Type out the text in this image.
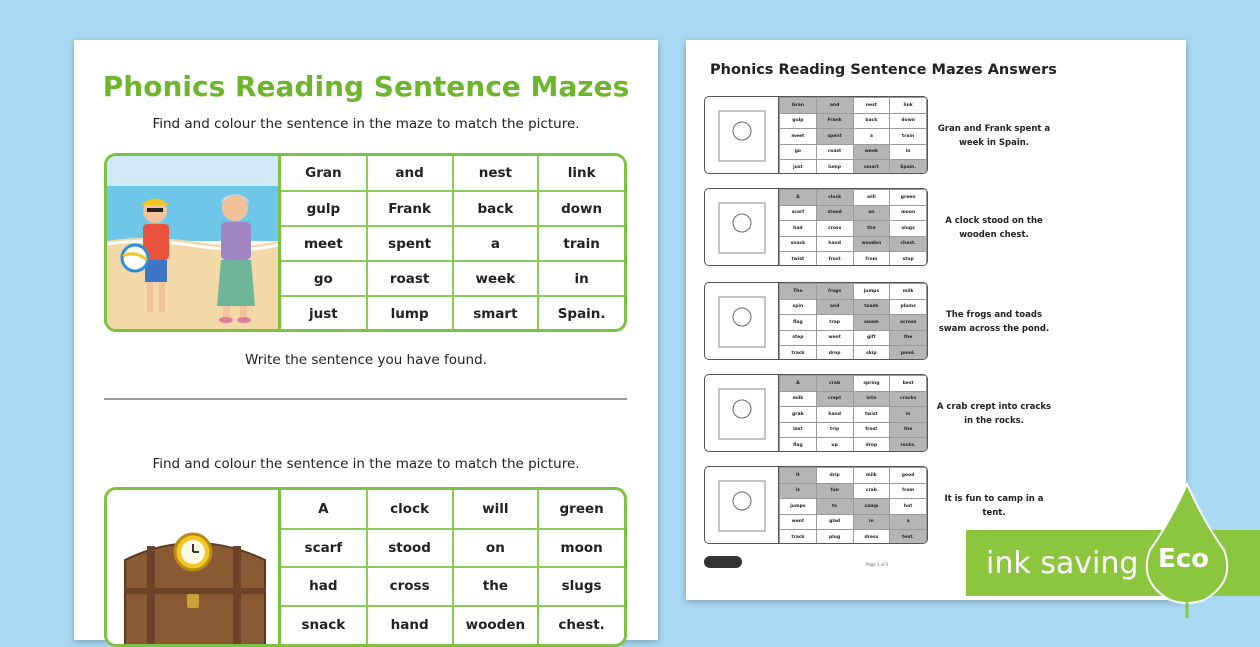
Phonics Reading Sentence Mazes
Find and colour the sentence in the maze to match the picture.
Gran	and	nest	link
gulp	Frank	back	down
meet	spent	a	train
go	roast	week	in
just	lump	smart	Spain.
Write the sentence you have found.
Find and colour the sentence in the maze to match the picture.
A	clock	will	green
scarf	stood	on	moon
had	cross	the	slugs
snack	hand	wooden	chest.
Phonics Reading Sentence Mazes Answers
Gran	and	nest	link
gulp	Frank	back	down
meet	spent	a	train
go	roast	week	in
just	lump	smart	Spain.
Gran and Frank spent a week in Spain.
A	clock	will	green
scarf	stood	on	moon
had	cross	the	slugs
snack	hand	wooden	chest.
twist	frost	from	stop
A clock stood on the wooden chest.
The	frogs	jumps	milk
spin	and	toads	plums
flag	trap	swam	across
step	went	gift	the
track	drop	skip	pond.
The frogs and toads swam across the pond.
A	crab	spring	best
milk	crept	into	cracks
grab	hand	twist	in
lost	trip	frost	the
flag	up	drop	rocks.
A crab crept into cracks in the rocks.
It	drip	milk	good
is	fun	crab	from
jumps	to	camp	hot
went	glad	in	a
track	plug	dress	tent.
It is fun to camp in a tent.
Page 1 of 3	ink saving Eco
